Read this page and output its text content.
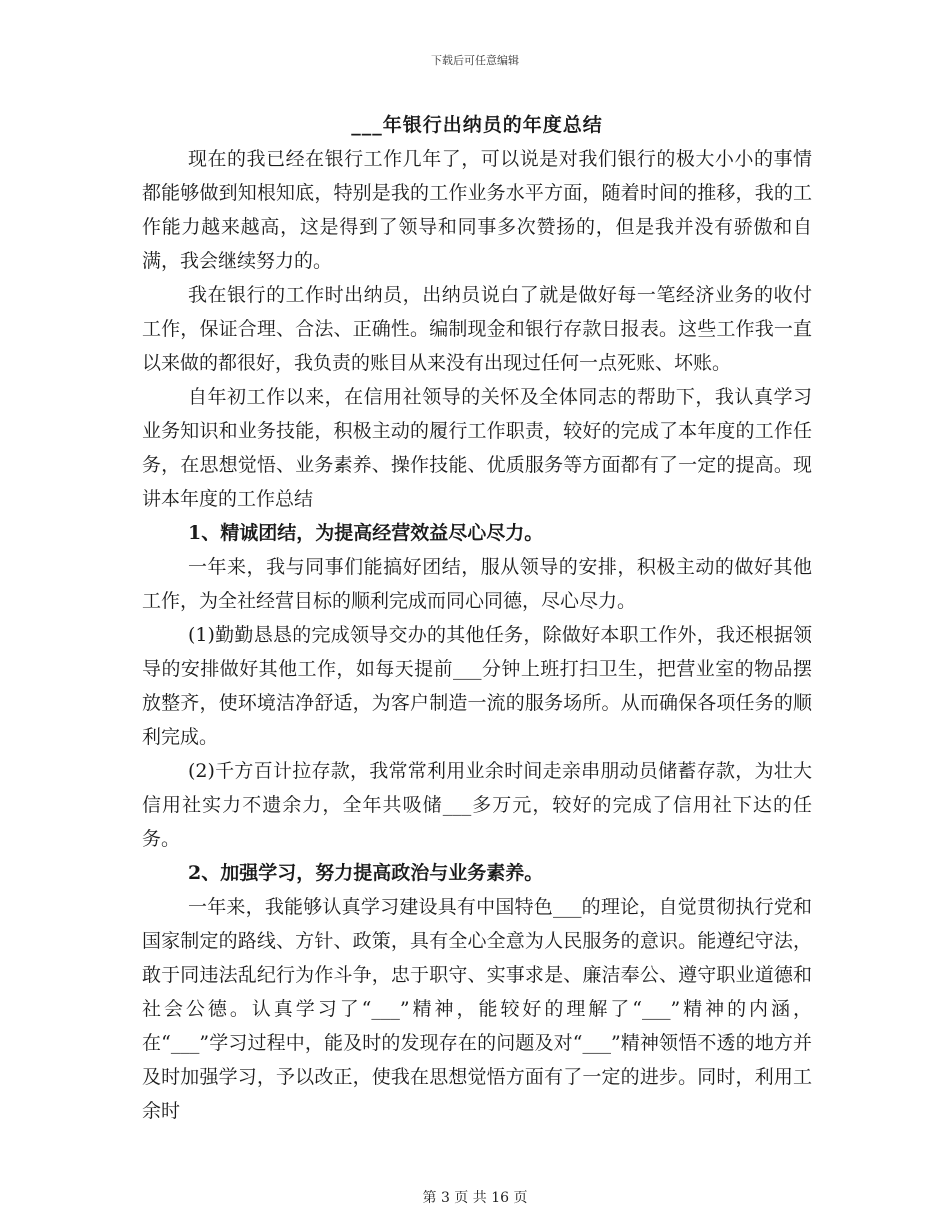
下载后可任意编辑
___年银行出纳员的年度总结

现在的我已经在银行工作几年了，可以说是对我们银行的极大小小的事情都能够做到知根知底，特别是我的工作业务水平方面，随着时间的推移，我的工作能力越来越高，这是得到了领导和同事多次赞扬的，但是我并没有骄傲和自满，我会继续努力的。

我在银行的工作时出纳员，出纳员说白了就是做好每一笔经济业务的收付工作，保证合理、合法、正确性。编制现金和银行存款日报表。这些工作我一直以来做的都很好，我负责的账目从来没有出现过任何一点死账、坏账。

自年初工作以来，在信用社领导的关怀及全体同志的帮助下，我认真学习业务知识和业务技能，积极主动的履行工作职责，较好的完成了本年度的工作任务，在思想觉悟、业务素养、操作技能、优质服务等方面都有了一定的提高。现讲本年度的工作总结

1、精诚团结，为提高经营效益尽心尽力。

一年来，我与同事们能搞好团结，服从领导的安排，积极主动的做好其他工作，为全社经营目标的顺利完成而同心同德，尽心尽力。

(1)勤勤恳恳的完成领导交办的其他任务，除做好本职工作外，我还根据领导的安排做好其他工作，如每天提前___分钟上班打扫卫生，把营业室的物品摆放整齐，使环境洁净舒适，为客户制造一流的服务场所。从而确保各项任务的顺利完成。

(2)千方百计拉存款，我常常利用业余时间走亲串朋动员储蓄存款，为壮大信用社实力不遗余力，全年共吸储___多万元，较好的完成了信用社下达的任务。

2、加强学习，努力提高政治与业务素养。

一年来，我能够认真学习建设具有中国特色___的理论，自觉贯彻执行党和国家制定的路线、方针、政策，具有全心全意为人民服务的意识。能遵纪守法，敢于同违法乱纪行为作斗争，忠于职守、实事求是、廉洁奉公、遵守职业道德和社会公德。认真学习了“___”精神，能较好的理解了“___”精神的内涵，在“___”学习过程中，能及时的发现存在的问题及对“___”精神领悟不透的地方并及时加强学习，予以改正，使我在思想觉悟方面有了一定的进步。同时，利用工余时

第 3 页 共 16 页
